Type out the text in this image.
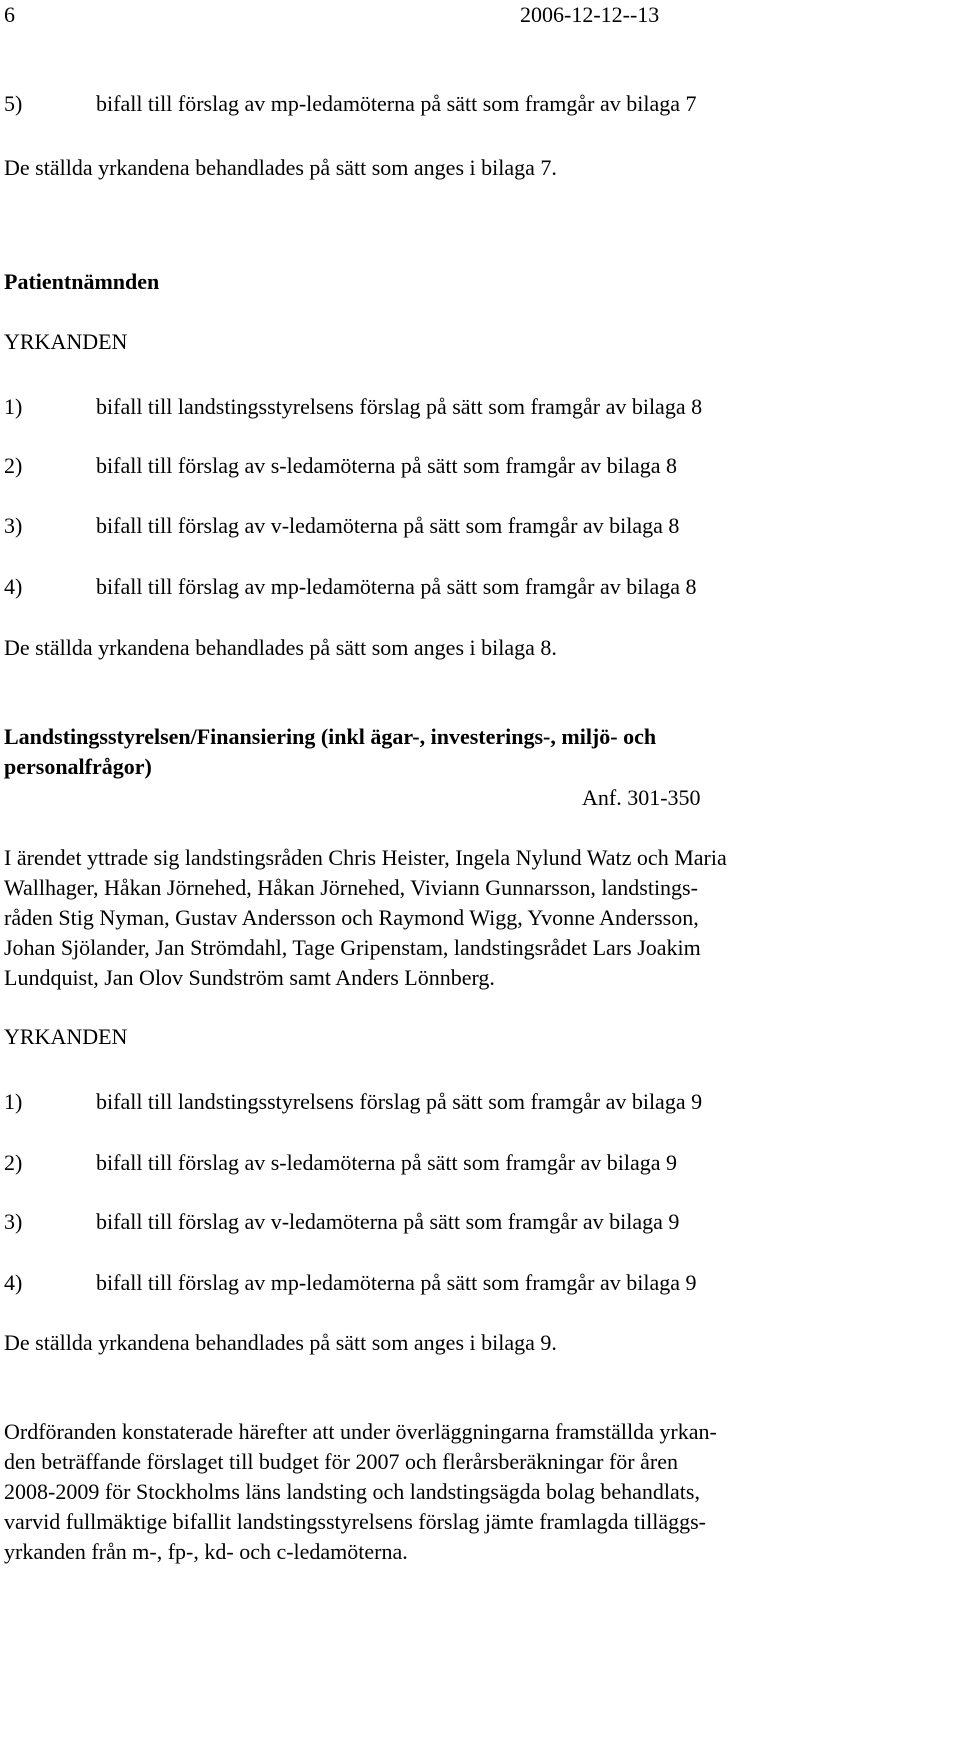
6	2006-12-12--13
5)	bifall till förslag av mp-ledamöterna på sätt som framgår av bilaga 7
De ställda yrkandena behandlades på sätt som anges i bilaga 7.
Patientnämnden
YRKANDEN
1)	bifall till landstingsstyrelsens förslag på sätt som framgår av bilaga 8
2)	bifall till förslag av s-ledamöterna på sätt som framgår av bilaga 8
3)	bifall till förslag av v-ledamöterna på sätt som framgår av bilaga 8
4)	bifall till förslag av mp-ledamöterna på sätt som framgår av bilaga 8
De ställda yrkandena behandlades på sätt som anges i bilaga 8.
Landstingsstyrelsen/Finansiering (inkl ägar-, investerings-, miljö- och
personalfrågor)
Anf. 301-350
I ärendet yttrade sig landstingsråden Chris Heister, Ingela Nylund Watz och Maria
Wallhager, Håkan Jörnehed, Håkan Jörnehed, Viviann Gunnarsson, landstings-
råden Stig Nyman, Gustav Andersson och Raymond Wigg, Yvonne Andersson,
Johan Sjölander, Jan Strömdahl, Tage Gripenstam, landstingsrådet Lars Joakim
Lundquist, Jan Olov Sundström samt Anders Lönnberg.
YRKANDEN
1)	bifall till landstingsstyrelsens förslag på sätt som framgår av bilaga 9
2)	bifall till förslag av s-ledamöterna på sätt som framgår av bilaga 9
3)	bifall till förslag av v-ledamöterna på sätt som framgår av bilaga 9
4)	bifall till förslag av mp-ledamöterna på sätt som framgår av bilaga 9
De ställda yrkandena behandlades på sätt som anges i bilaga 9.
Ordföranden konstaterade härefter att under överläggningarna framställda yrkan-
den beträffande förslaget till budget för 2007 och flerårsberäkningar för åren
2008-2009 för Stockholms läns landsting och landstingsägda bolag behandlats,
varvid fullmäktige bifallit landstingsstyrelsens förslag jämte framlagda tilläggs-
yrkanden från m-, fp-, kd- och c-ledamöterna.
